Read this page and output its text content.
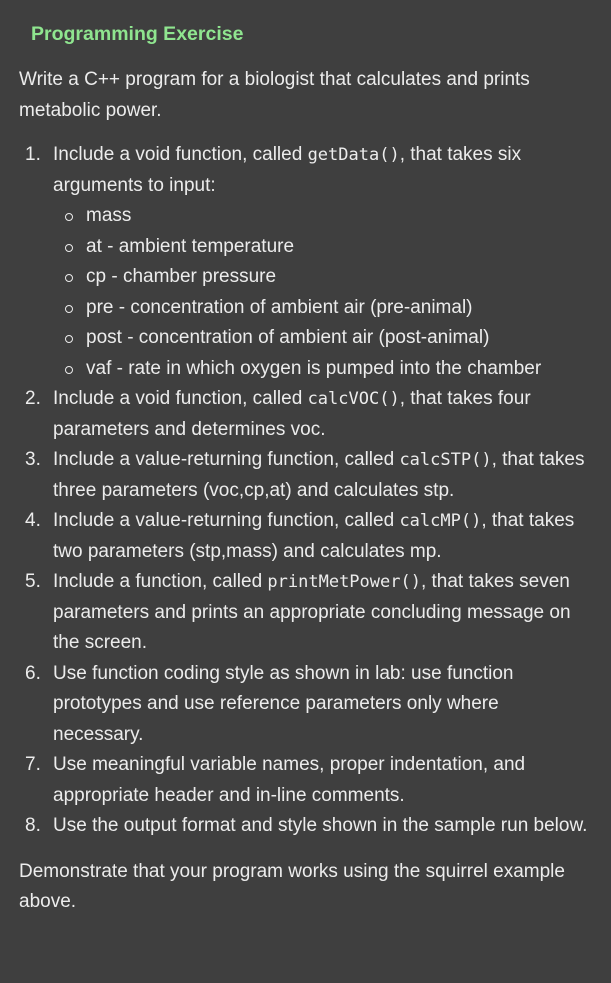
Programming Exercise

Write a C++ program for a biologist that calculates and prints metabolic power.

1. Include a void function, called getData(), that takes six arguments to input:
mass
at - ambient temperature
cp - chamber pressure
pre - concentration of ambient air (pre-animal)
post - concentration of ambient air (post-animal)
vaf - rate in which oxygen is pumped into the chamber
2. Include a void function, called calcVOC(), that takes four parameters and determines voc.
3. Include a value-returning function, called calcSTP(), that takes three parameters (voc,cp,at) and calculates stp.
4. Include a value-returning function, called calcMP(), that takes two parameters (stp,mass) and calculates mp.
5. Include a function, called printMetPower(), that takes seven parameters and prints an appropriate concluding message on the screen.
6. Use function coding style as shown in lab: use function prototypes and use reference parameters only where necessary.
7. Use meaningful variable names, proper indentation, and appropriate header and in-line comments.
8. Use the output format and style shown in the sample run below.

Demonstrate that your program works using the squirrel example above.
